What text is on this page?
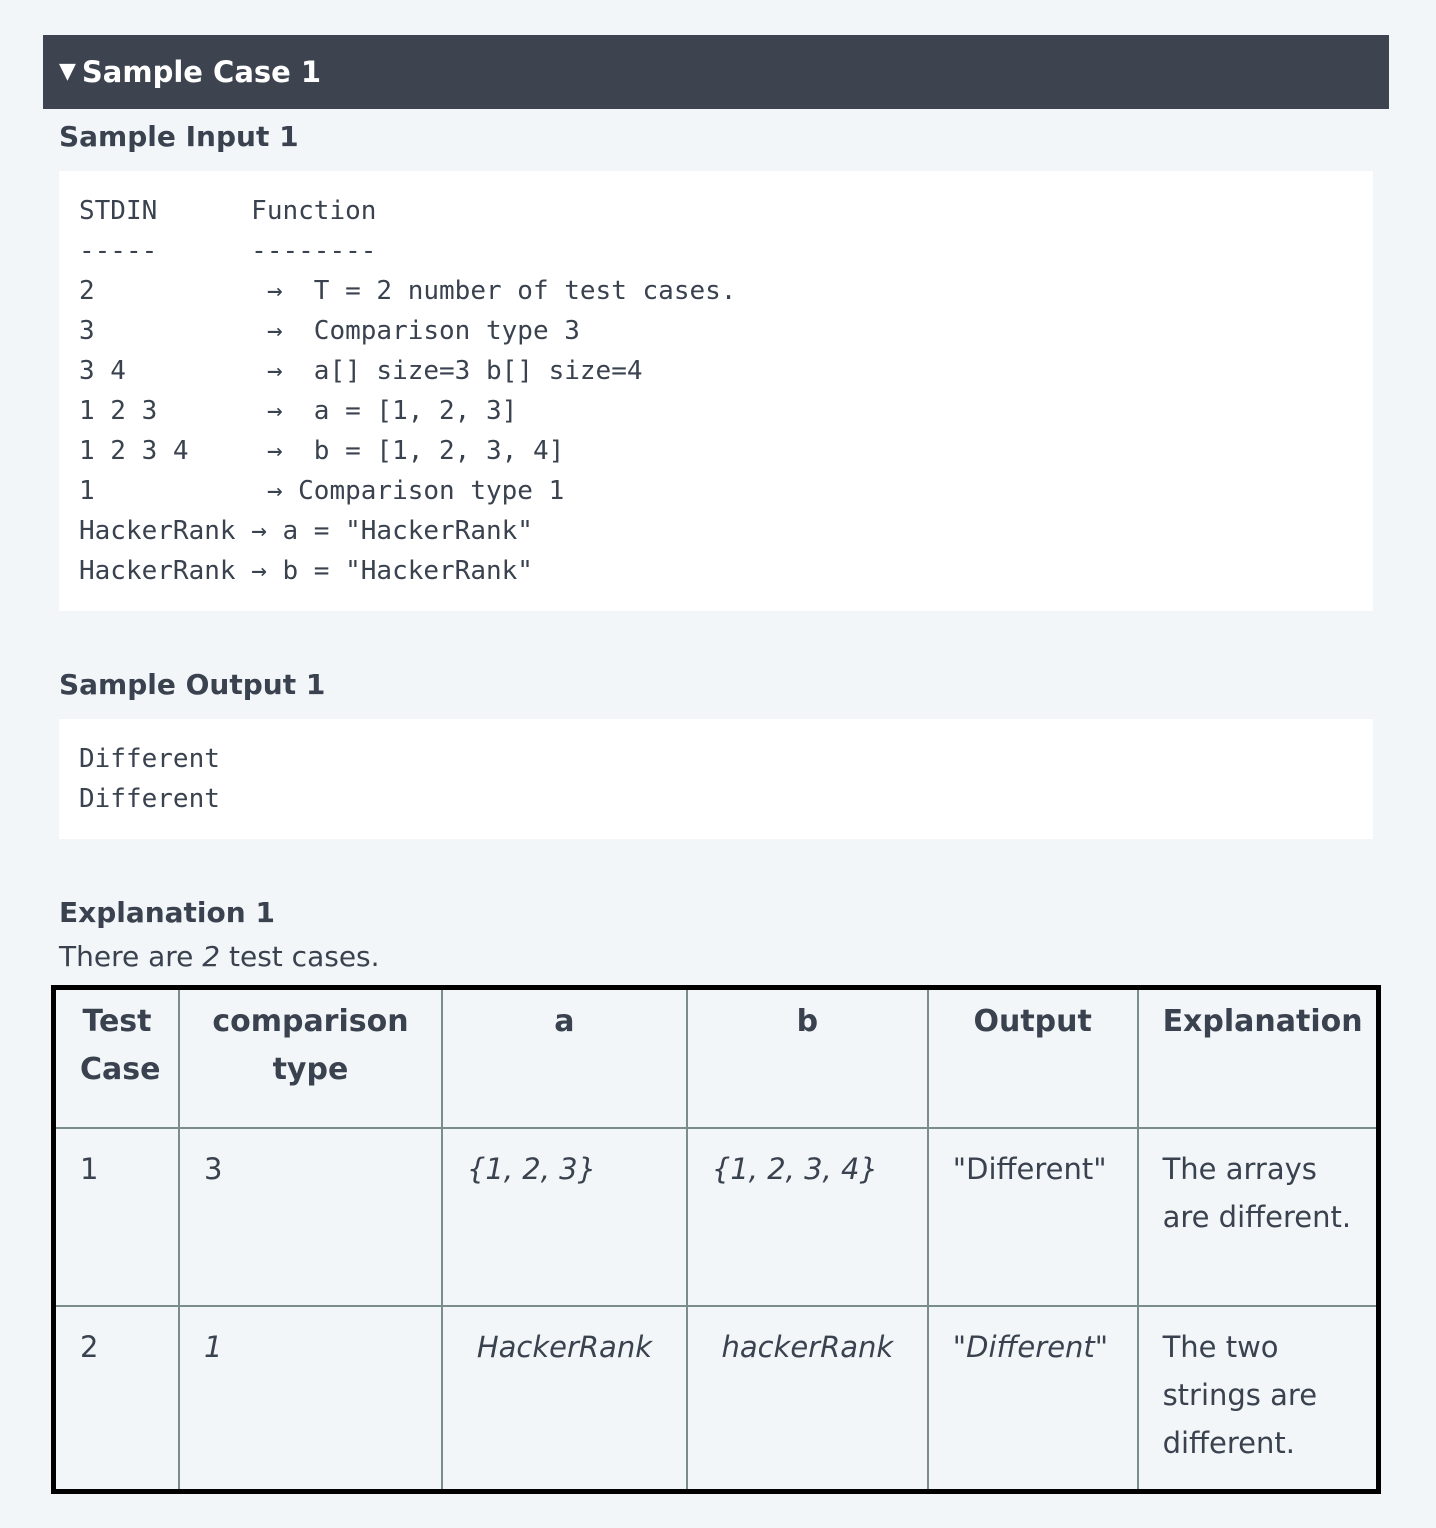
▼ Sample Case 1
Sample Input 1
STDIN      Function
-----      --------
2           →  T = 2 number of test cases.
3           →  Comparison type 3
3 4         →  a[] size=3 b[] size=4
1 2 3       →  a = [1, 2, 3]
1 2 3 4     →  b = [1, 2, 3, 4]
1           → Comparison type 1
HackerRank → a = "HackerRank"
HackerRank → b = "HackerRank"
Sample Output 1
Different
Different
Explanation 1
There are 2 test cases.
Test Case	comparison type	a	b	Output	Explanation
1	3	{1, 2, 3}	{1, 2, 3, 4}	"Different"	The arrays are different.
2	1	HackerRank	hackerRank	"Different"	The two strings are different.
